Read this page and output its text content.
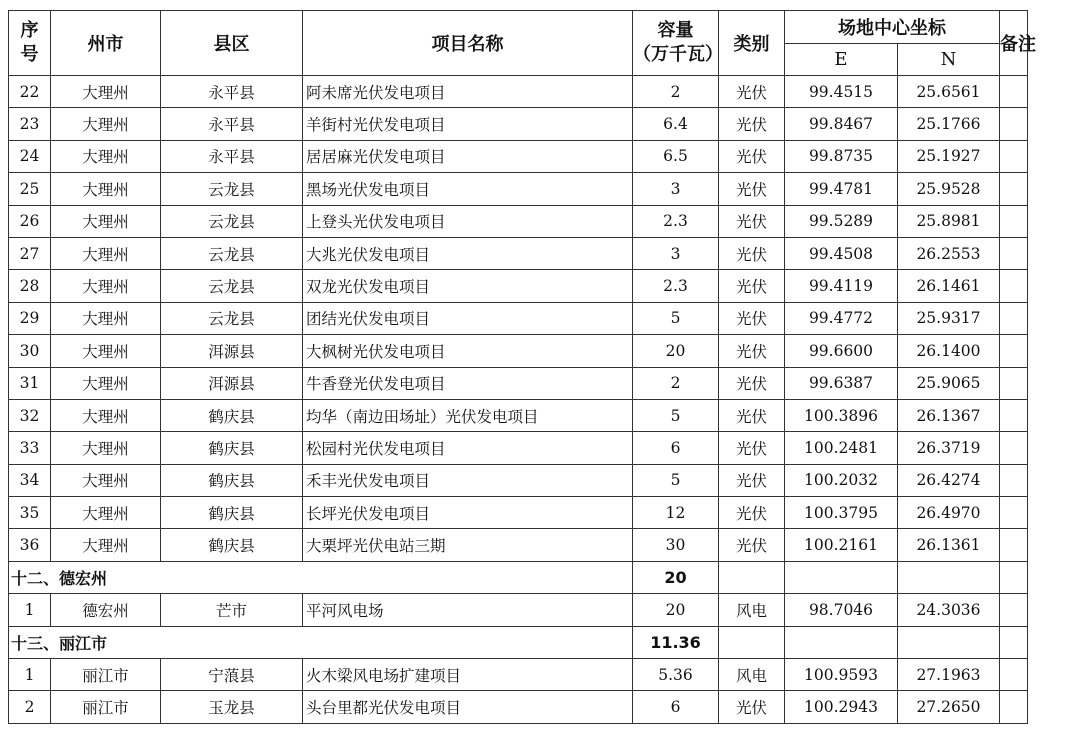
序
号	州市	县区	项目名称	容量
（万千瓦）	类别	场地中心坐标		备注
						E	N	
22	大理州	永平县	阿未席光伏发电项目	2	光伏	99.4515	25.6561	
23	大理州	永平县	羊街村光伏发电项目	6.4	光伏	99.8467	25.1766	
24	大理州	永平县	居居麻光伏发电项目	6.5	光伏	99.8735	25.1927	
25	大理州	云龙县	黑场光伏发电项目	3	光伏	99.4781	25.9528	
26	大理州	云龙县	上登头光伏发电项目	2.3	光伏	99.5289	25.8981	
27	大理州	云龙县	大兆光伏发电项目	3	光伏	99.4508	26.2553	
28	大理州	云龙县	双龙光伏发电项目	2.3	光伏	99.4119	26.1461	
29	大理州	云龙县	团结光伏发电项目	5	光伏	99.4772	25.9317	
30	大理州	洱源县	大枫树光伏发电项目	20	光伏	99.6600	26.1400	
31	大理州	洱源县	牛香登光伏发电项目	2	光伏	99.6387	25.9065	
32	大理州	鹤庆县	均华（南边田场址）光伏发电项目	5	光伏	100.3896	26.1367	
33	大理州	鹤庆县	松园村光伏发电项目	6	光伏	100.2481	26.3719	
34	大理州	鹤庆县	禾丰光伏发电项目	5	光伏	100.2032	26.4274	
35	大理州	鹤庆县	长坪光伏发电项目	12	光伏	100.3795	26.4970	
36	大理州	鹤庆县	大栗坪光伏电站三期	30	光伏	100.2161	26.1361	
十二、德宏州				20				
1	德宏州	芒市	平河风电场	20	风电	98.7046	24.3036	
十三、丽江市				11.36				
1	丽江市	宁蒗县	火木梁风电场扩建项目	5.36	风电	100.9593	27.1963	
2	丽江市	玉龙县	头台里都光伏发电项目	6	光伏	100.2943	27.2650	
